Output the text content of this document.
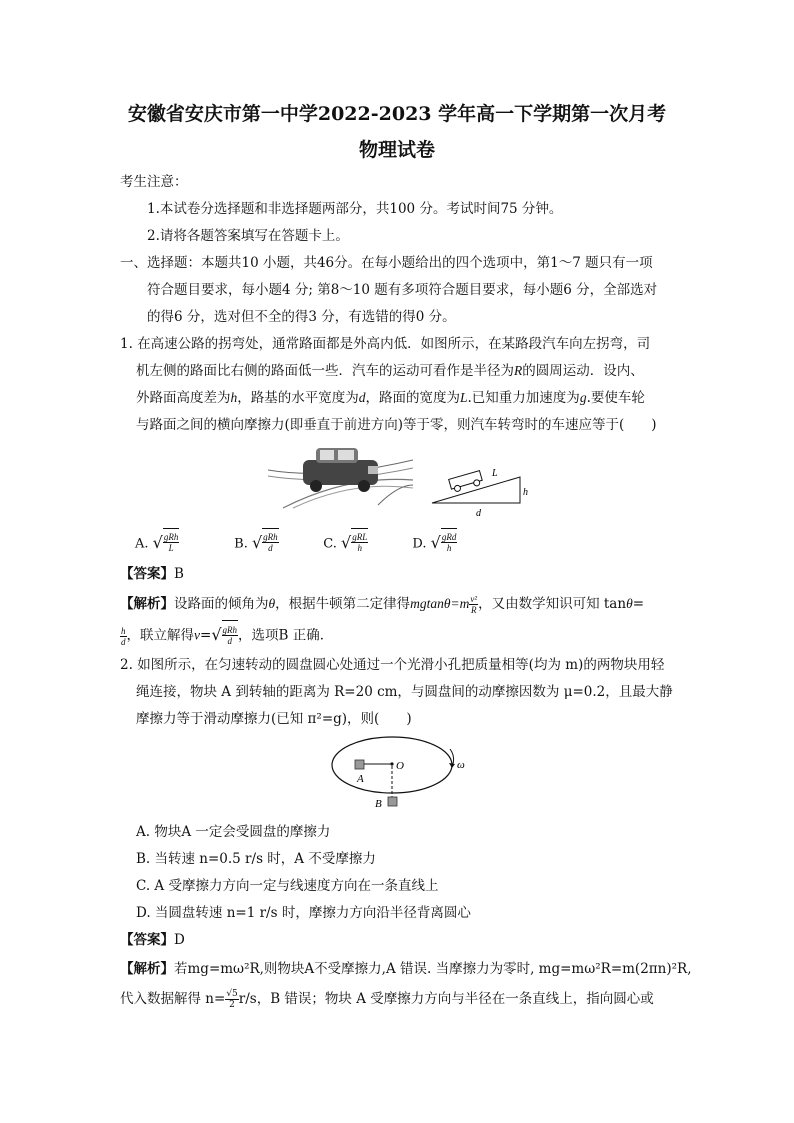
安徽省安庆市第一中学2022-2023 学年高一下学期第一次月考
物理试卷
考生注意：
1.本试卷分选择题和非选择题两部分，共100 分。考试时间75 分钟。
2.请将各题答案填写在答题卡上。
一、选择题：本题共10 小题，共46分。在每小题给出的四个选项中，第1～7 题只有一项
符合题目要求，每小题4 分; 第8～10 题有多项符合题目要求，每小题6 分，全部选对
的得6 分，选对但不全的得3 分，有选错的得0 分。
1. 在高速公路的拐弯处，通常路面都是外高内低．如图所示，在某路段汽车向左拐弯，司
机左侧的路面比右侧的路面低一些．汽车的运动可看作是半径为R的圆周运动．设内、
外路面高度差为h，路基的水平宽度为d，路面的宽度为L.已知重力加速度为g.要使车轮
与路面之间的横向摩擦力(即垂直于前进方向)等于零，则汽车转弯时的车速应等于(　　)
L
h
d
A. √ $\frac{\text{gRh}}{L}$	B. √ $\frac{\text{gRh}}{d}$	C. √ $\frac{\text{gRL}}{h}$	D. √ $\frac{\text{gRd}}{h}$
【答案】B
【解析】设路面的倾角为θ，根据牛顿第二定律得$mgtan\theta=m \frac{\text{v²}}{R}$ ，又由数学知识可知 tanθ=
$\frac{h}{d}$ ，联立解得v= √ $\frac{\text{gRh}}{d}$ ，选项B 正确．
2. 如图所示，在匀速转动的圆盘圆心处通过一个光滑小孔把质量相等(均为 m)的两物块用轻
绳连接，物块 A 到转轴的距离为 R=20 cm，与圆盘间的动摩擦因数为 μ=0.2，且最大静
摩擦力等于滑动摩擦力(已知 π²=g)，则(　　)
A
O
B
ω
A. 物块A 一定会受圆盘的摩擦力
B. 当转速 n=0.5 r/s 时，A 不受摩擦力
C. A 受摩擦力方向一定与线速度方向在一条直线上
D. 当圆盘转速 n=1 r/s 时，摩擦力方向沿半径背离圆心
【答案】D
【解析】若mg=mω²R,则物块A不受摩擦力,A 错误. 当摩擦力为零时, mg=mω²R=m(2πn)²R,
代入数据解得 $n= \frac{√5}{2} r/s$，B 错误；物块 A 受摩擦力方向与半径在一条直线上，指向圆心或
